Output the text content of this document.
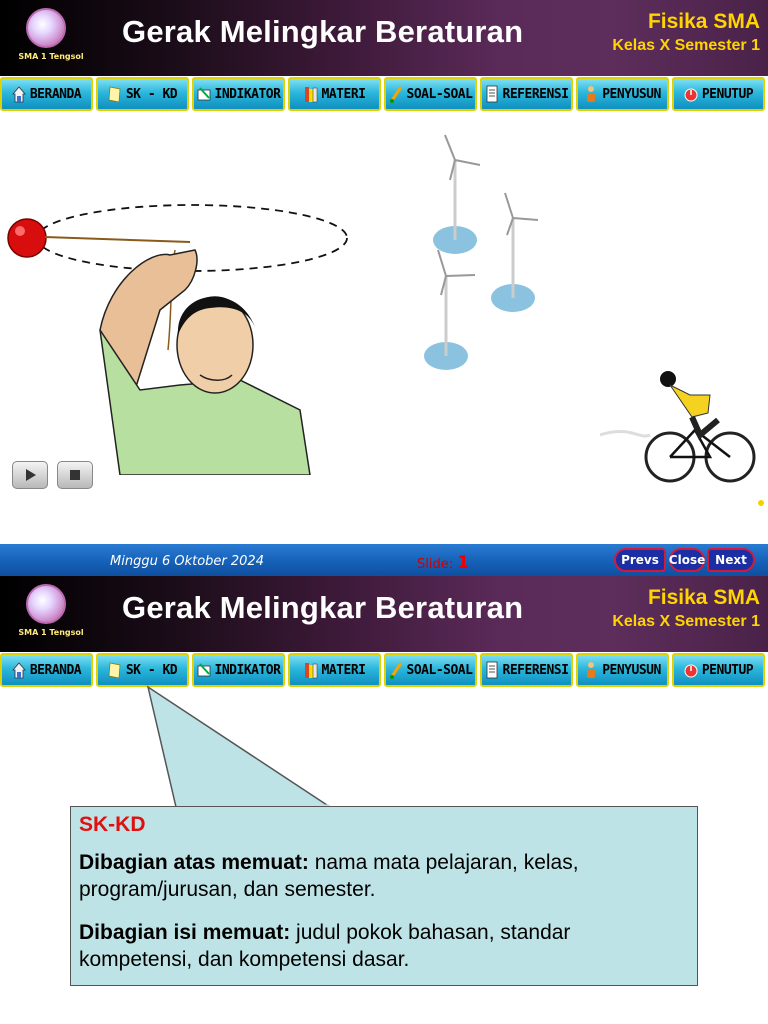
SMA 1 Tengsol
Gerak Melingkar Beraturan	Fisika SMA
Kelas X Semester 1
BERANDA	SK - KD	INDIKATOR	MATERI	SOAL-SOAL REFERENSI	PENYUSUN	PENUTUP
Minggu 6 Oktober 2024	Slide: 1	Prevs Close Next
SMA 1 Tengsol
Gerak Melingkar Beraturan	Fisika SMA
Kelas X Semester 1
BERANDA	SK - KD	INDIKATOR	MATERI	SOAL-SOAL REFERENSI	PENYUSUN	PENUTUP
SK-KD

Dibagian atas memuat: nama mata pelajaran, kelas, program/jurusan, dan semester.

Dibagian isi memuat: judul pokok bahasan, standar kompetensi, dan kompetensi dasar.
